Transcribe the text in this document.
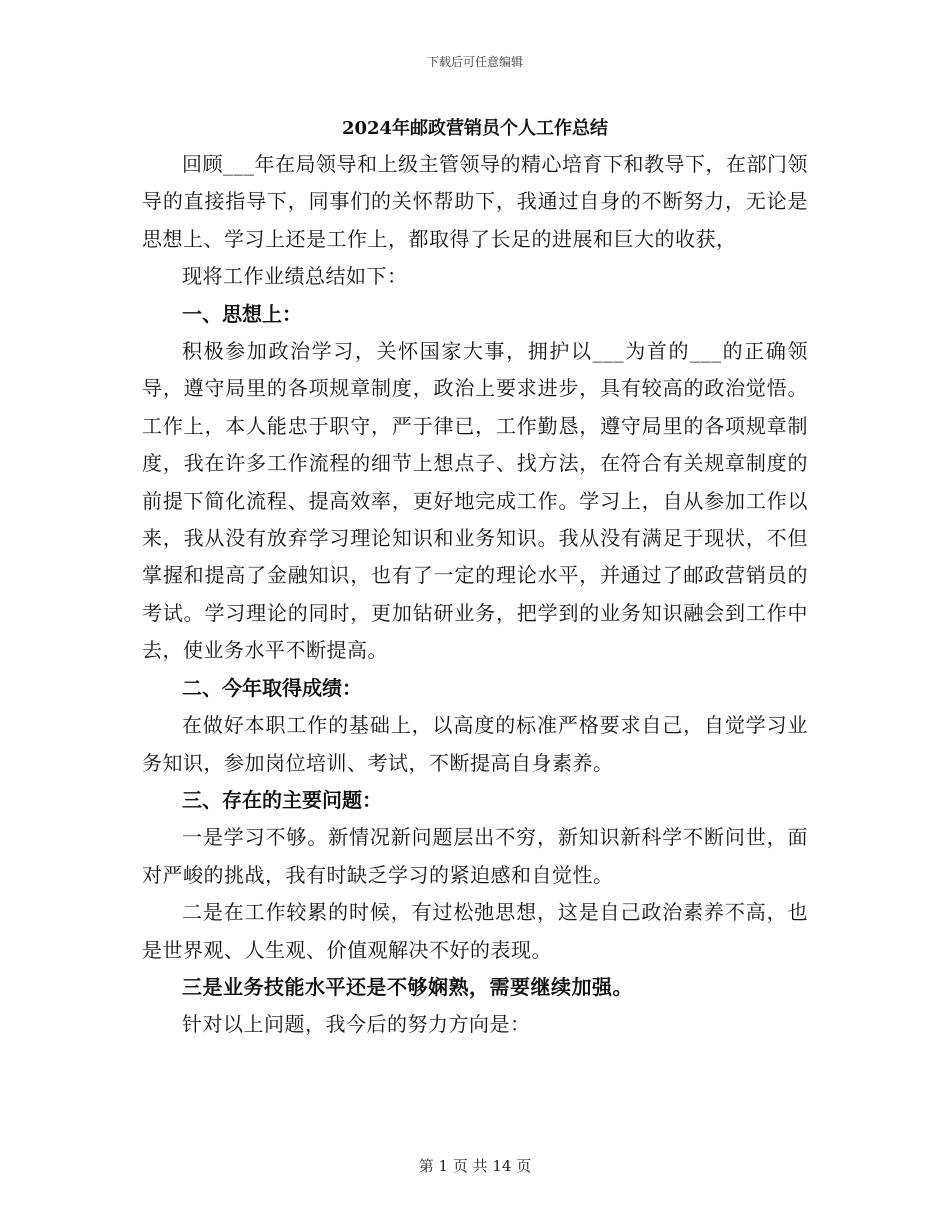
下载后可任意编辑
2024年邮政营销员个人工作总结

回顾___年在局领导和上级主管领导的精心培育下和教导下，在部门领导的直接指导下，同事们的关怀帮助下，我通过自身的不断努力，无论是思想上、学习上还是工作上，都取得了长足的进展和巨大的收获，

现将工作业绩总结如下：

一、思想上：

积极参加政治学习，关怀国家大事，拥护以___为首的___的正确领导，遵守局里的各项规章制度，政治上要求进步，具有较高的政治觉悟。工作上，本人能忠于职守，严于律已，工作勤恳，遵守局里的各项规章制度，我在许多工作流程的细节上想点子、找方法，在符合有关规章制度的前提下简化流程、提高效率，更好地完成工作。学习上，自从参加工作以来，我从没有放弃学习理论知识和业务知识。我从没有满足于现状，不但掌握和提高了金融知识，也有了一定的理论水平，并通过了邮政营销员的考试。学习理论的同时，更加钻研业务，把学到的业务知识融会到工作中去，使业务水平不断提高。

二、今年取得成绩：

在做好本职工作的基础上，以高度的标准严格要求自己，自觉学习业务知识，参加岗位培训、考试，不断提高自身素养。

三、存在的主要问题：

一是学习不够。新情况新问题层出不穷，新知识新科学不断问世，面对严峻的挑战，我有时缺乏学习的紧迫感和自觉性。

二是在工作较累的时候，有过松弛思想，这是自己政治素养不高，也是世界观、人生观、价值观解决不好的表现。

三是业务技能水平还是不够娴熟，需要继续加强。

针对以上问题，我今后的努力方向是：

第 1 页 共 14 页
